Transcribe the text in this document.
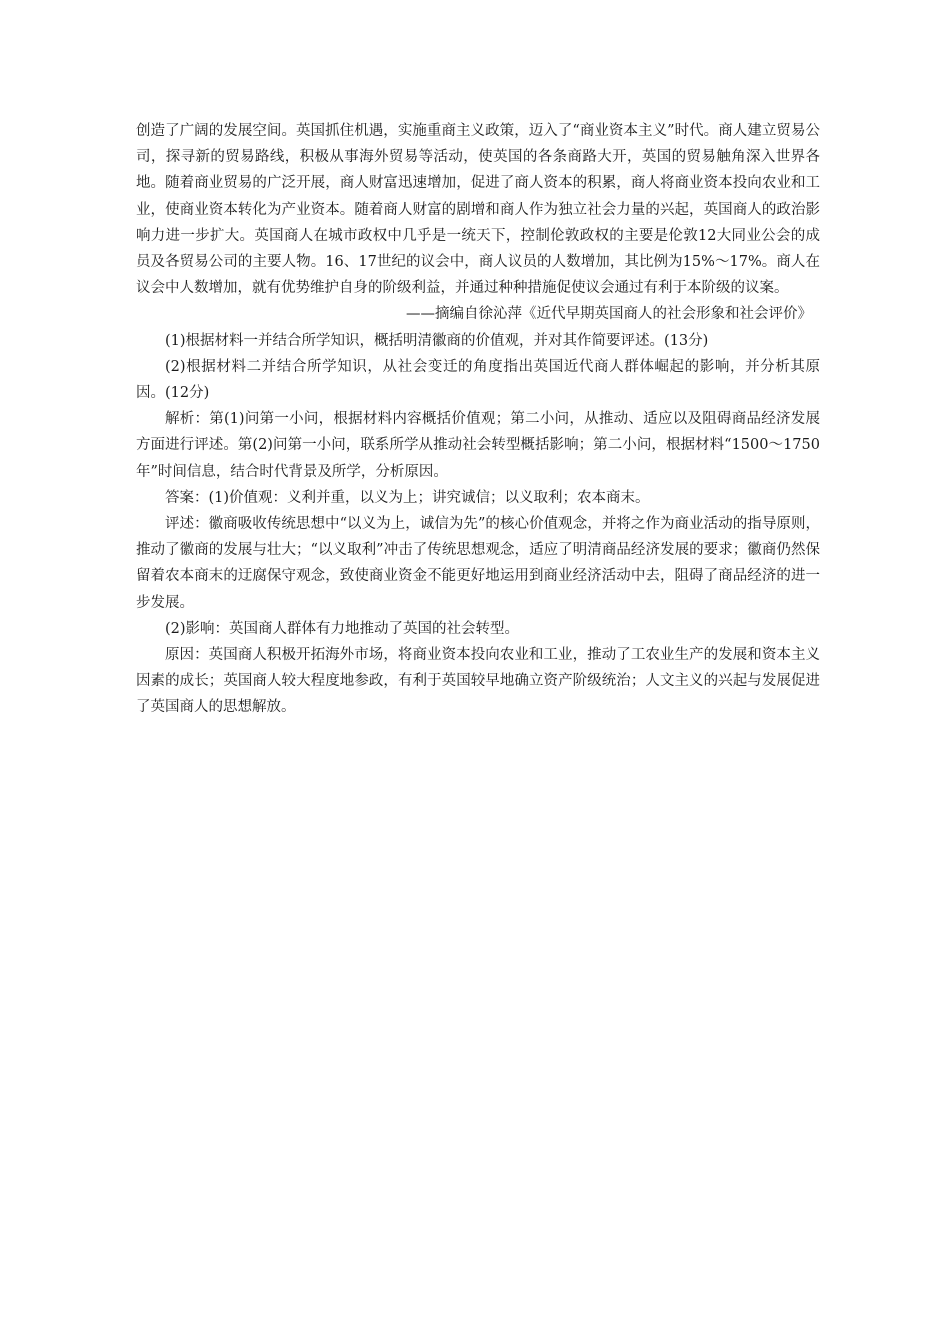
创造了广阔的发展空间。英国抓住机遇，实施重商主义政策，迈入了“商业资本主义”时代。商人建立贸易公司，探寻新的贸易路线，积极从事海外贸易等活动，使英国的各条商路大开，英国的贸易触角深入世界各地。随着商业贸易的广泛开展，商人财富迅速增加，促进了商人资本的积累，商人将商业资本投向农业和工业，使商业资本转化为产业资本。随着商人财富的剧增和商人作为独立社会力量的兴起，英国商人的政治影响力进一步扩大。英国商人在城市政权中几乎是一统天下，控制伦敦政权的主要是伦敦12大同业公会的成员及各贸易公司的主要人物。16、17世纪的议会中，商人议员的人数增加，其比例为15%～17%。商人在议会中人数增加，就有优势维护自身的阶级利益，并通过种种措施促使议会通过有利于本阶级的议案。

——摘编自徐沁萍《近代早期英国商人的社会形象和社会评价》

(1)根据材料一并结合所学知识，概括明清徽商的价值观，并对其作简要评述。(13分)

(2)根据材料二并结合所学知识，从社会变迁的角度指出英国近代商人群体崛起的影响，并分析其原因。(12分)

解析：第(1)问第一小问，根据材料内容概括价值观；第二小问，从推动、适应以及阻碍商品经济发展方面进行评述。第(2)问第一小问，联系所学从推动社会转型概括影响；第二小问，根据材料“1500～1750年”时间信息，结合时代背景及所学，分析原因。

答案：(1)价值观：义利并重，以义为上；讲究诚信；以义取利；农本商末。

评述：徽商吸收传统思想中“以义为上，诚信为先”的核心价值观念，并将之作为商业活动的指导原则，推动了徽商的发展与壮大；“以义取利”冲击了传统思想观念，适应了明清商品经济发展的要求；徽商仍然保留着农本商末的迂腐保守观念，致使商业资金不能更好地运用到商业经济活动中去，阻碍了商品经济的进一步发展。

(2)影响：英国商人群体有力地推动了英国的社会转型。

原因：英国商人积极开拓海外市场，将商业资本投向农业和工业，推动了工农业生产的发展和资本主义因素的成长；英国商人较大程度地参政，有利于英国较早地确立资产阶级统治；人文主义的兴起与发展促进了英国商人的思想解放。
